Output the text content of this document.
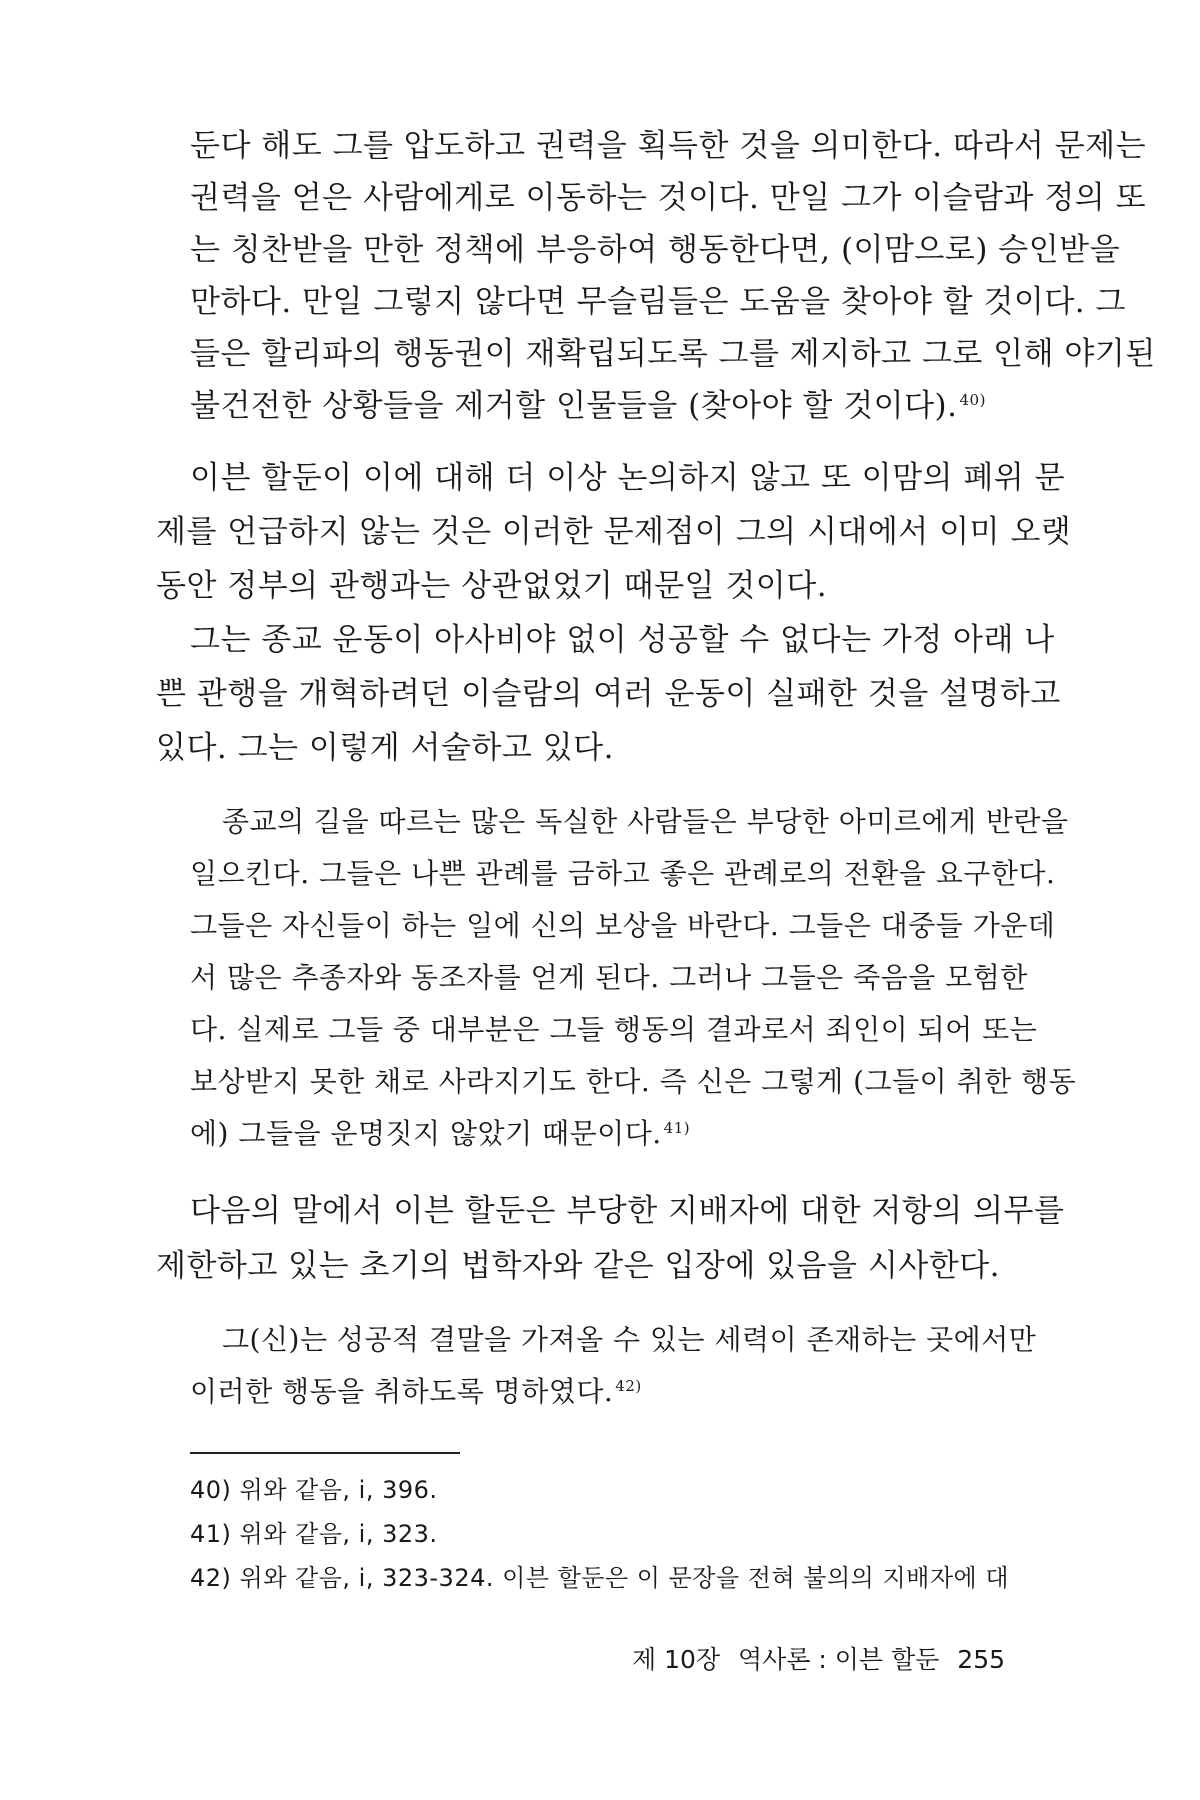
둔다 해도 그를 압도하고 권력을 획득한 것을 의미한다. 따라서 문제는
권력을 얻은 사람에게로 이동하는 것이다. 만일 그가 이슬람과 정의 또
는 칭찬받을 만한 정책에 부응하여 행동한다면, (이맘으로) 승인받을
만하다. 만일 그렇지 않다면 무슬림들은 도움을 찾아야 할 것이다. 그
들은 할리파의 행동권이 재확립되도록 그를 제지하고 그로 인해 야기된
불건전한 상황들을 제거할 인물들을 (찾아야 할 것이다). $^{40)}$
이븐 할둔이 이에 대해 더 이상 논의하지 않고 또 이맘의 폐위 문
제를 언급하지 않는 것은 이러한 문제점이 그의 시대에서 이미 오랫
동안 정부의 관행과는 상관없었기 때문일 것이다.
그는 종교 운동이 아사비야 없이 성공할 수 없다는 가정 아래 나
쁜 관행을 개혁하려던 이슬람의 여러 운동이 실패한 것을 설명하고
있다. 그는 이렇게 서술하고 있다.
종교의 길을 따르는 많은 독실한 사람들은 부당한 아미르에게 반란을
일으킨다. 그들은 나쁜 관례를 금하고 좋은 관례로의 전환을 요구한다.
그들은 자신들이 하는 일에 신의 보상을 바란다. 그들은 대중들 가운데
서 많은 추종자와 동조자를 얻게 된다. 그러나 그들은 죽음을 모험한
다. 실제로 그들 중 대부분은 그들 행동의 결과로서 죄인이 되어 또는
보상받지 못한 채로 사라지기도 한다. 즉 신은 그렇게 (그들이 취한 행동
에) 그들을 운명짓지 않았기 때문이다. $^{41)}$
다음의 말에서 이븐 할둔은 부당한 지배자에 대한 저항의 의무를
제한하고 있는 초기의 법학자와 같은 입장에 있음을 시사한다.
40) 위와 같음, i, 396.
41) 위와 같음, i, 323.
42) 위와 같음, i, 323-324. 이븐 할둔은 이 문장을 전혀 불의의 지배자에 대
제 10장 역사론 : 이븐 할둔 255
그(신)는 성공적 결말을 가져올 수 있는 세력이 존재하는 곳에서만
이러한 행동을 취하도록 명하였다. $^{42)}$
